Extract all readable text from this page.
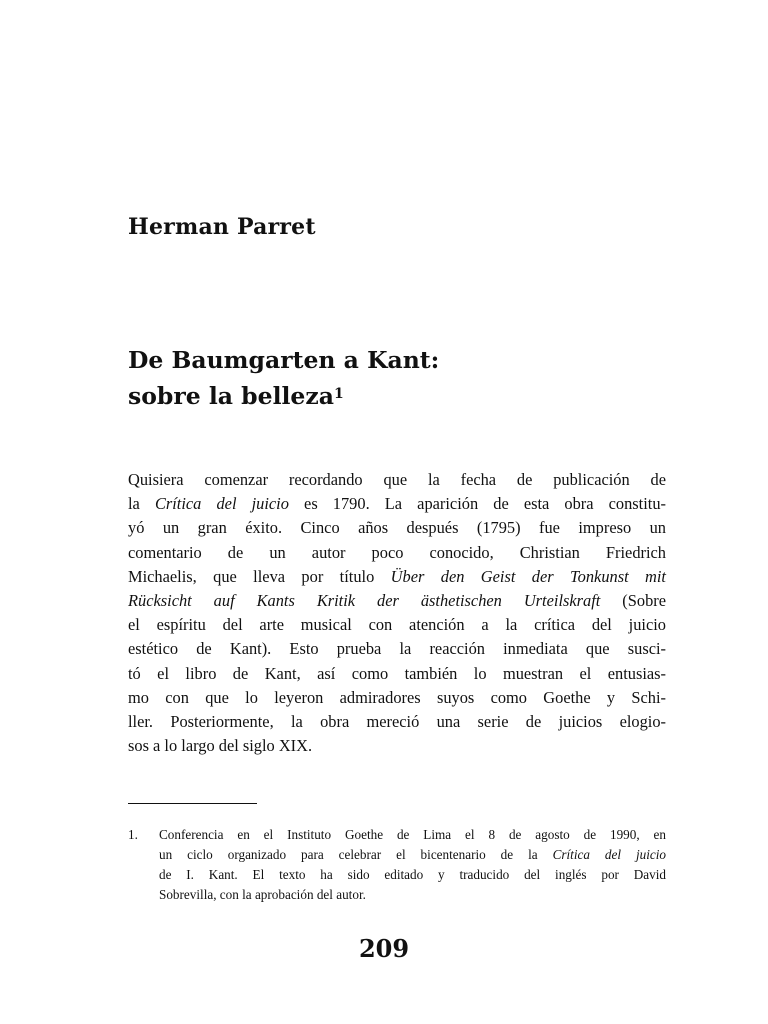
Herman Parret
De Baumgarten a Kant:
sobre la belleza$^1$
Quisiera comenzar recordando que la fecha de publicación de
la Crítica del juicio es 1790. La aparición de esta obra constitu-
yó un gran éxito. Cinco años después (1795) fue impreso un
comentario de un autor poco conocido, Christian Friedrich
Michaelis, que lleva por título Über den Geist der Tonkunst mit
Rücksicht auf Kants Kritik der ästhetischen Urteilskraft (Sobre
el espíritu del arte musical con atención a la crítica del juicio
estético de Kant). Esto prueba la reacción inmediata que susci-
tó el libro de Kant, así como también lo muestran el entusias-
mo con que lo leyeron admiradores suyos como Goethe y Schi-
ller. Posteriormente, la obra mereció una serie de juicios elogio-
sos a lo largo del siglo XIX.
1. Conferencia en el Instituto Goethe de Lima el 8 de agosto de 1990, en
un ciclo organizado para celebrar el bicentenario de la Crítica del juicio
de I. Kant. El texto ha sido editado y traducido del inglés por David
Sobrevilla, con la aprobación del autor.
209
